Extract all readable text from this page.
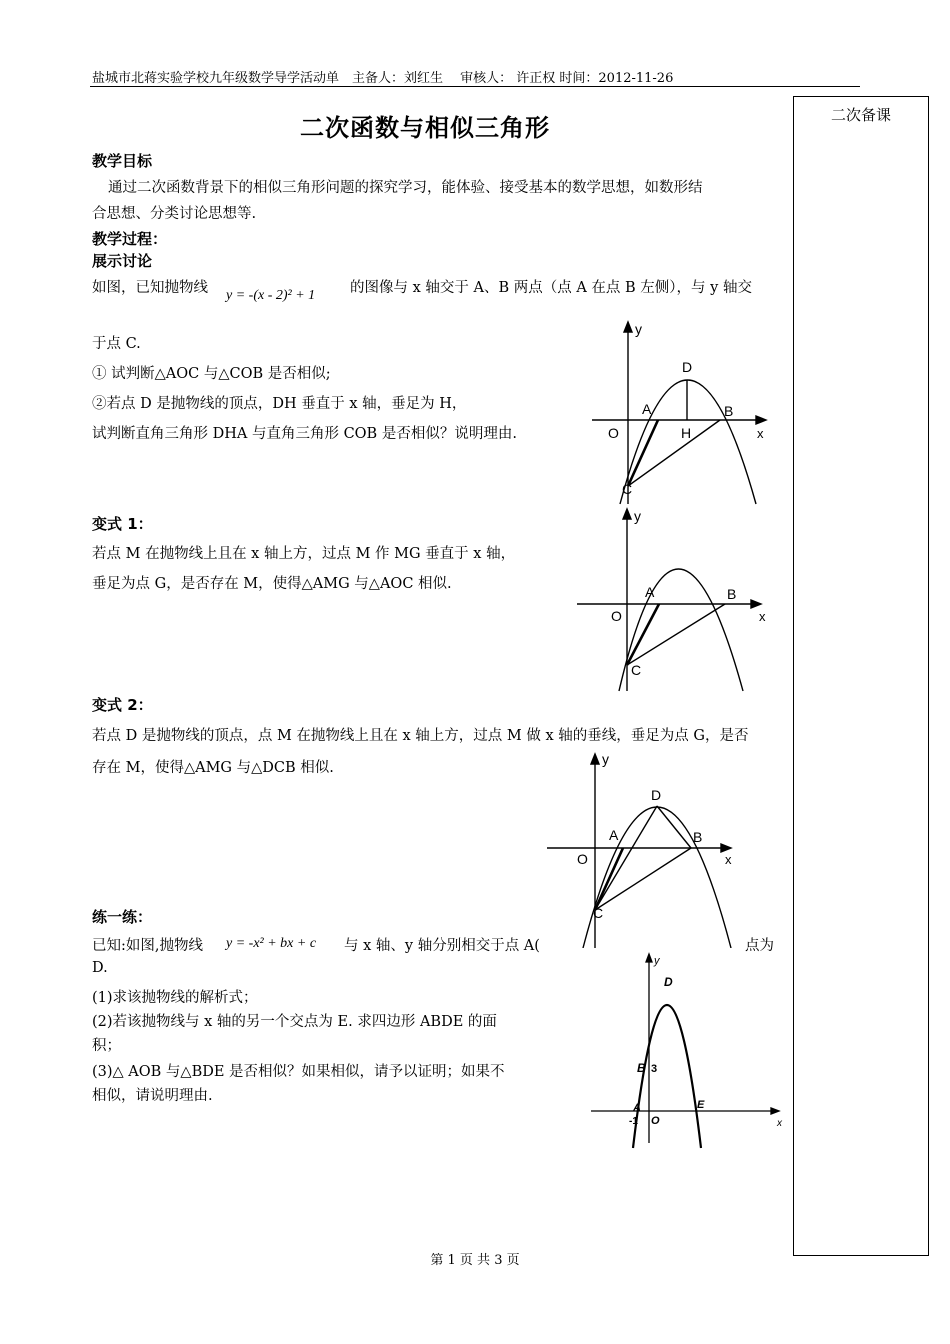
盐城市北蒋实验学校九年级数学导学活动单　主备人：刘红生　 审核人： 许正权 时间：2012-11-26
二次备课
二次函数与相似三角形
教学目标
通过二次函数背景下的相似三角形问题的探究学习，能体验、接受基本的数学思想，如数形结
合思想、分类讨论思想等.
教学过程：
展示讨论
如图，已知抛物线 y = -(x - 2)² + 1 的图像与 x 轴交于 A、B 两点（点 A 在点 B 左侧），与 y 轴交
于点 C.
① 试判断△AOC 与△COB 是否相似;
②若点 D 是抛物线的顶点，DH 垂直于 x 轴，垂足为 H，
试判断直角三角形 DHA 与直角三角形 COB 是否相似？说明理由.
变式 1：
若点 M 在抛物线上且在 x 轴上方，过点 M 作 MG 垂直于 x 轴，
垂足为点 G，是否存在 M，使得△AMG 与△AOC 相似.
变式 2：
若点 D 是抛物线的顶点，点 M 在抛物线上且在 x 轴上方，过点 M 做 x 轴的垂线，垂足为点 G，是否
存在 M，使得△AMG 与△DCB 相似.
练一练：
已知:如图,抛物线 y = -x² + bx + c 与 x 轴、y 轴分别相交于点 A(	点为
D.
(1)求该抛物线的解析式；
(2)若该抛物线与 x 轴的另一个交点为 E. 求四边形 ABDE 的面
积；
(3)△ AOB 与△BDE 是否相似？如果相似，请予以证明；如果不
相似，请说明理由.
y
D
A	B
O	H	x
C
y
A	B
O	x
C
y
D
A	B
O	x
C
y
D
B 3
A
-1 O
E
x
第 1 页 共 3 页
